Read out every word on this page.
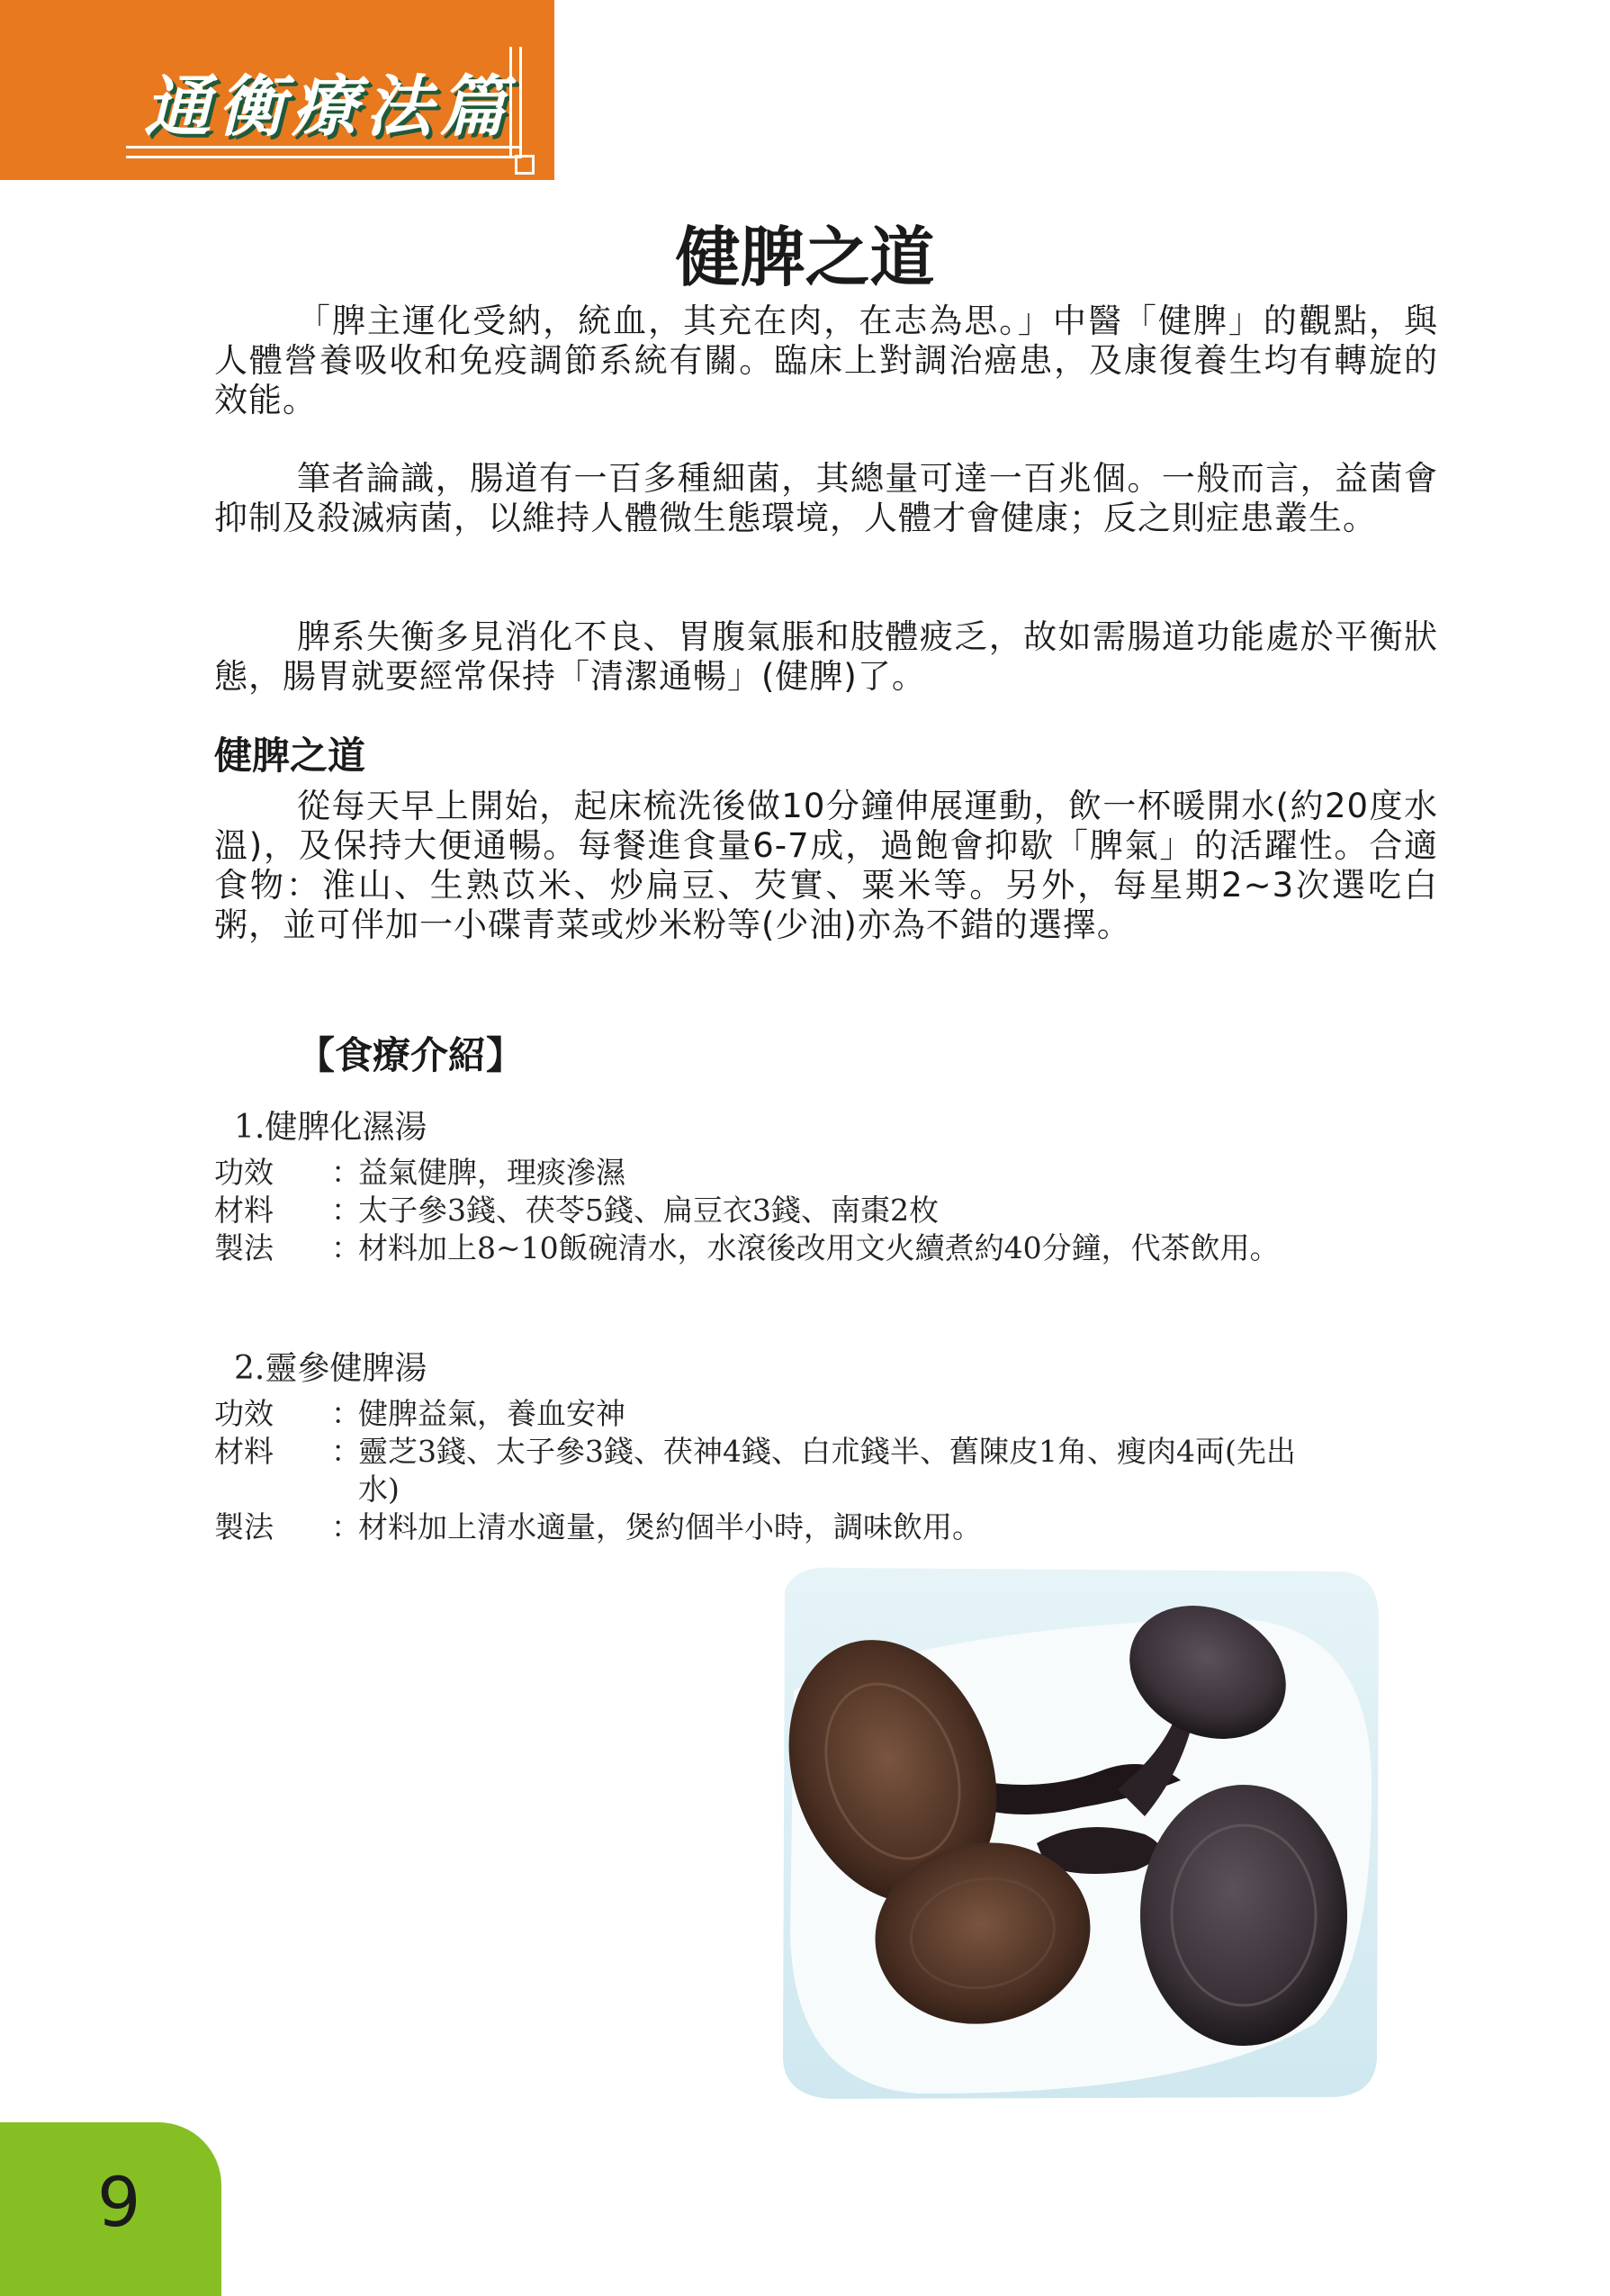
通衡療法篇
健脾之道

「脾主運化受納，統血，其充在肉，在志為思。」中醫「健脾」的觀點，與人體營養吸收和免疫調節系統有關。臨床上對調治癌患，及康復養生均有轉旋的效能。

筆者論識，腸道有一百多種細菌，其總量可達一百兆個。一般而言，益菌會抑制及殺滅病菌，以維持人體微生態環境，人體才會健康；反之則症患叢生。

脾系失衡多見消化不良、胃腹氣脹和肢體疲乏，故如需腸道功能處於平衡狀態，腸胃就要經常保持「清潔通暢」(健脾)了。

健脾之道

從每天早上開始，起床梳洗後做10分鐘伸展運動，飲一杯暖開水(約20度水溫)，及保持大便通暢。每餐進食量6-7成，過飽會抑歇「脾氣」的活躍性。合適食物：淮山、生熟苡米、炒扁豆、芡實、粟米等。另外，每星期2~3次選吃白粥，並可伴加一小碟青菜或炒米粉等(少油)亦為不錯的選擇。

【食療介紹】
1.健脾化濕湯
功效	：
益氣健脾，理痰滲濕
材料	：
太子參3錢、茯苓5錢、扁豆衣3錢、南棗2枚
製法	：
材料加上8~10飯碗清水，水滾後改用文火續煮約40分鐘，代茶飲用。
2.靈參健脾湯
功效	：
健脾益氣，養血安神
材料	：
靈芝3錢、太子參3錢、茯神4錢、白朮錢半、舊陳皮1角、瘦肉4両(先出水)
製法	：
材料加上清水適量，煲約個半小時，調味飲用。
9
